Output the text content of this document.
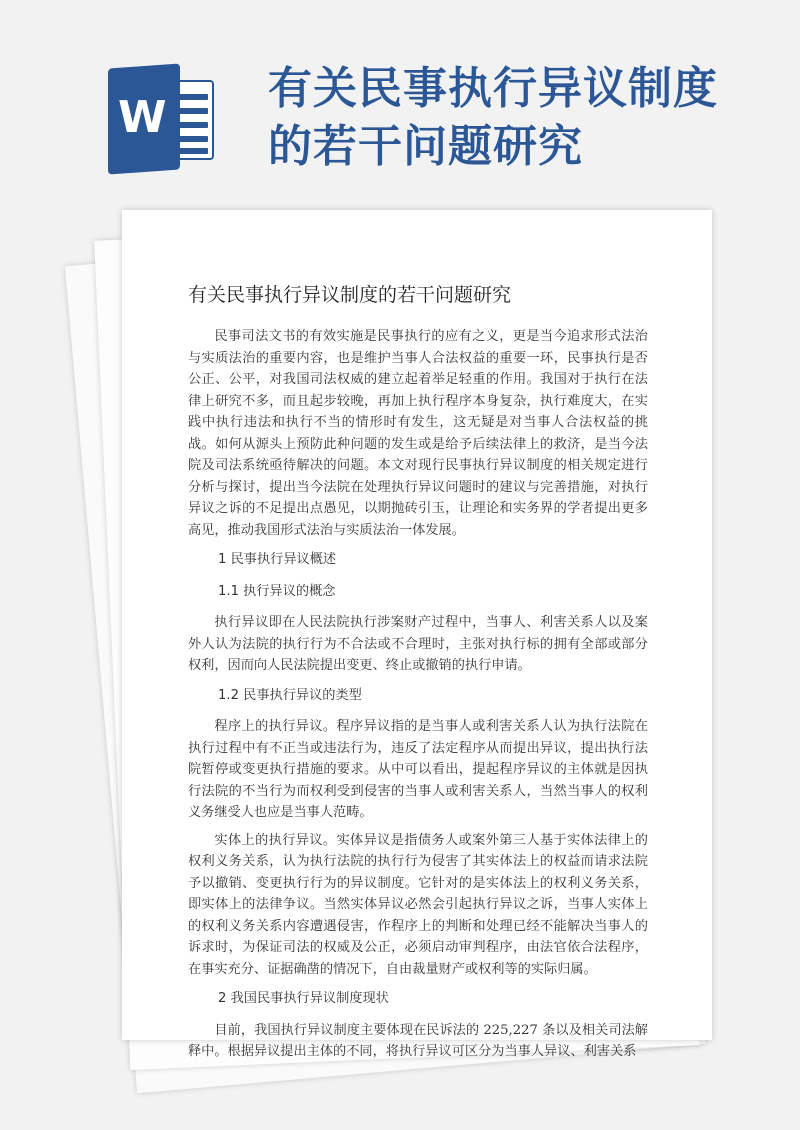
W
有关民事执行异议制度的若干问题研究
有关民事执行异议制度的若干问题研究

民事司法文书的有效实施是民事执行的应有之义，更是当今追求形式法治与实质法治的重要内容，也是维护当事人合法权益的重要一环，民事执行是否公正、公平，对我国司法权威的建立起着举足轻重的作用。我国对于执行在法律上研究不多，而且起步较晚，再加上执行程序本身复杂，执行难度大，在实践中执行违法和执行不当的情形时有发生，这无疑是对当事人合法权益的挑战。如何从源头上预防此种问题的发生或是给予后续法律上的救济，是当今法院及司法系统亟待解决的问题。本文对现行民事执行异议制度的相关规定进行分析与探讨，提出当今法院在处理执行异议问题时的建议与完善措施，对执行异议之诉的不足提出点愚见，以期抛砖引玉，让理论和实务界的学者提出更多高见，推动我国形式法治与实质法治一体发展。

1 民事执行异议概述
1.1 执行异议的概念

执行异议即在人民法院执行涉案财产过程中，当事人、利害关系人以及案外人认为法院的执行行为不合法或不合理时，主张对执行标的拥有全部或部分权利，因而向人民法院提出变更、终止或撤销的执行申请。

1.2 民事执行异议的类型

程序上的执行异议。程序异议指的是当事人或利害关系人认为执行法院在执行过程中有不正当或违法行为，违反了法定程序从而提出异议，提出执行法院暂停或变更执行措施的要求。从中可以看出，提起程序异议的主体就是因执行法院的不当行为而权利受到侵害的当事人或利害关系人，当然当事人的权利义务继受人也应是当事人范畴。

实体上的执行异议。实体异议是指债务人或案外第三人基于实体法律上的权利义务关系，认为执行法院的执行行为侵害了其实体法上的权益而请求法院予以撤销、变更执行行为的异议制度。它针对的是实体法上的权利义务关系，即实体上的法律争议。当然实体异议必然会引起执行异议之诉，当事人实体上的权利义务关系内容遭遇侵害，作程序上的判断和处理已经不能解决当事人的诉求时，为保证司法的权威及公正，必须启动审判程序，由法官依合法程序，在事实充分、证据确凿的情况下，自由裁量财产或权利等的实际归属。

2 我国民事执行异议制度现状

目前，我国执行异议制度主要体现在民诉法的 225,227 条以及相关司法解释中。根据异议提出主体的不同，将执行异议可区分为当事人异议、利害关系
